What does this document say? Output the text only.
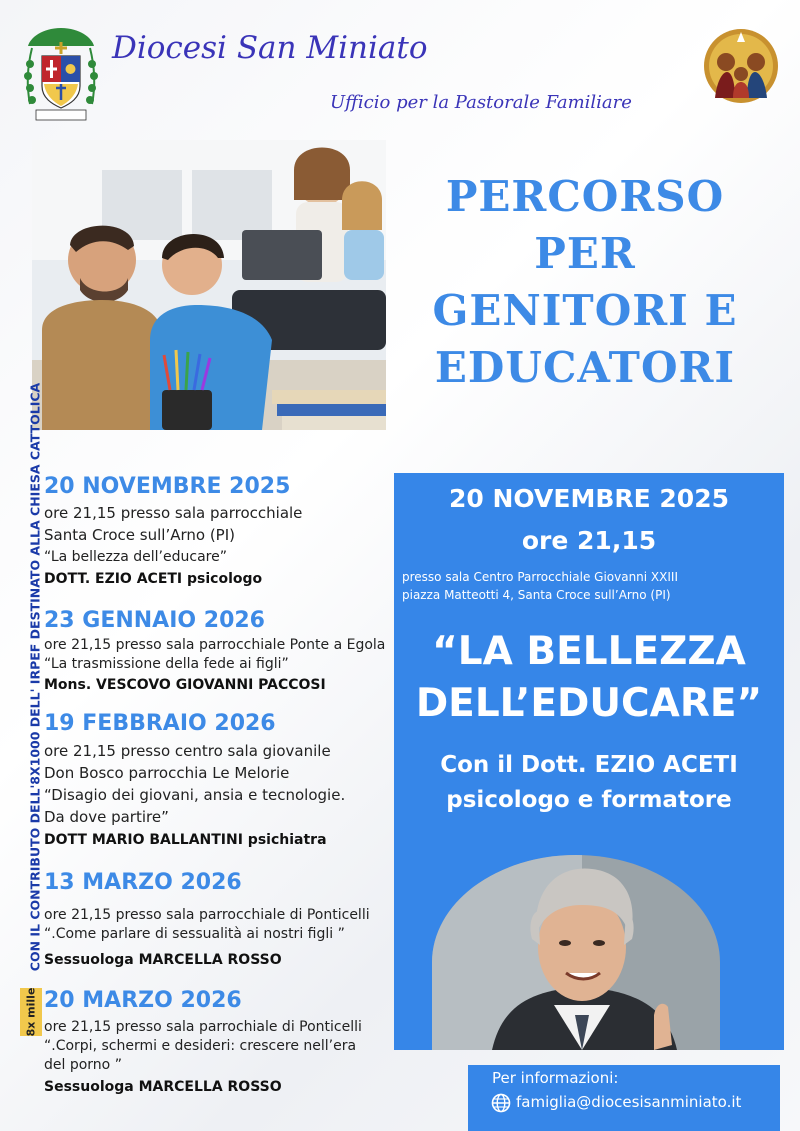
Diocesi San Miniato
Ufficio per la Pastorale Familiare
PERCORSO
PER
GENITORI E
EDUCATORI
CON IL CONTRIBUTO DELL'8X1000 DELL' IRPEF DESTINATO ALLA CHIESA CATTOLICA
8x mille
20 NOVEMBRE 2025
ore 21,15 presso sala parrocchiale
Santa Croce sull’Arno (PI)
“La bellezza dell’educare”
DOTT. EZIO ACETI psicologo
23 GENNAIO 2026
ore 21,15 presso sala parrocchiale Ponte a Egola
“La trasmissione della fede ai figli”
Mons. VESCOVO GIOVANNI PACCOSI
19 FEBBRAIO 2026
ore 21,15 presso centro sala giovanile
Don Bosco parrocchia Le Melorie
“Disagio dei giovani, ansia e tecnologie.
Da dove partire”
DOTT MARIO BALLANTINI psichiatra
13 MARZO 2026
ore 21,15 presso sala parrocchiale di Ponticelli
“.Come parlare di sessualità ai nostri figli ”
Sessuologa MARCELLA ROSSO
20 MARZO 2026
ore 21,15 presso sala parrochiale di Ponticelli
“.Corpi, schermi e desideri: crescere nell’era
del porno ”
Sessuologa MARCELLA ROSSO
20 NOVEMBRE 2025
ore 21,15
presso sala Centro Parrocchiale Giovanni XXIII
piazza Matteotti 4, Santa Croce sull’Arno (PI)
“LA BELLEZZA
DELL’EDUCARE”
Con il Dott. EZIO ACETI
psicologo e formatore
Per informazioni:
famiglia@diocesisanminiato.it
